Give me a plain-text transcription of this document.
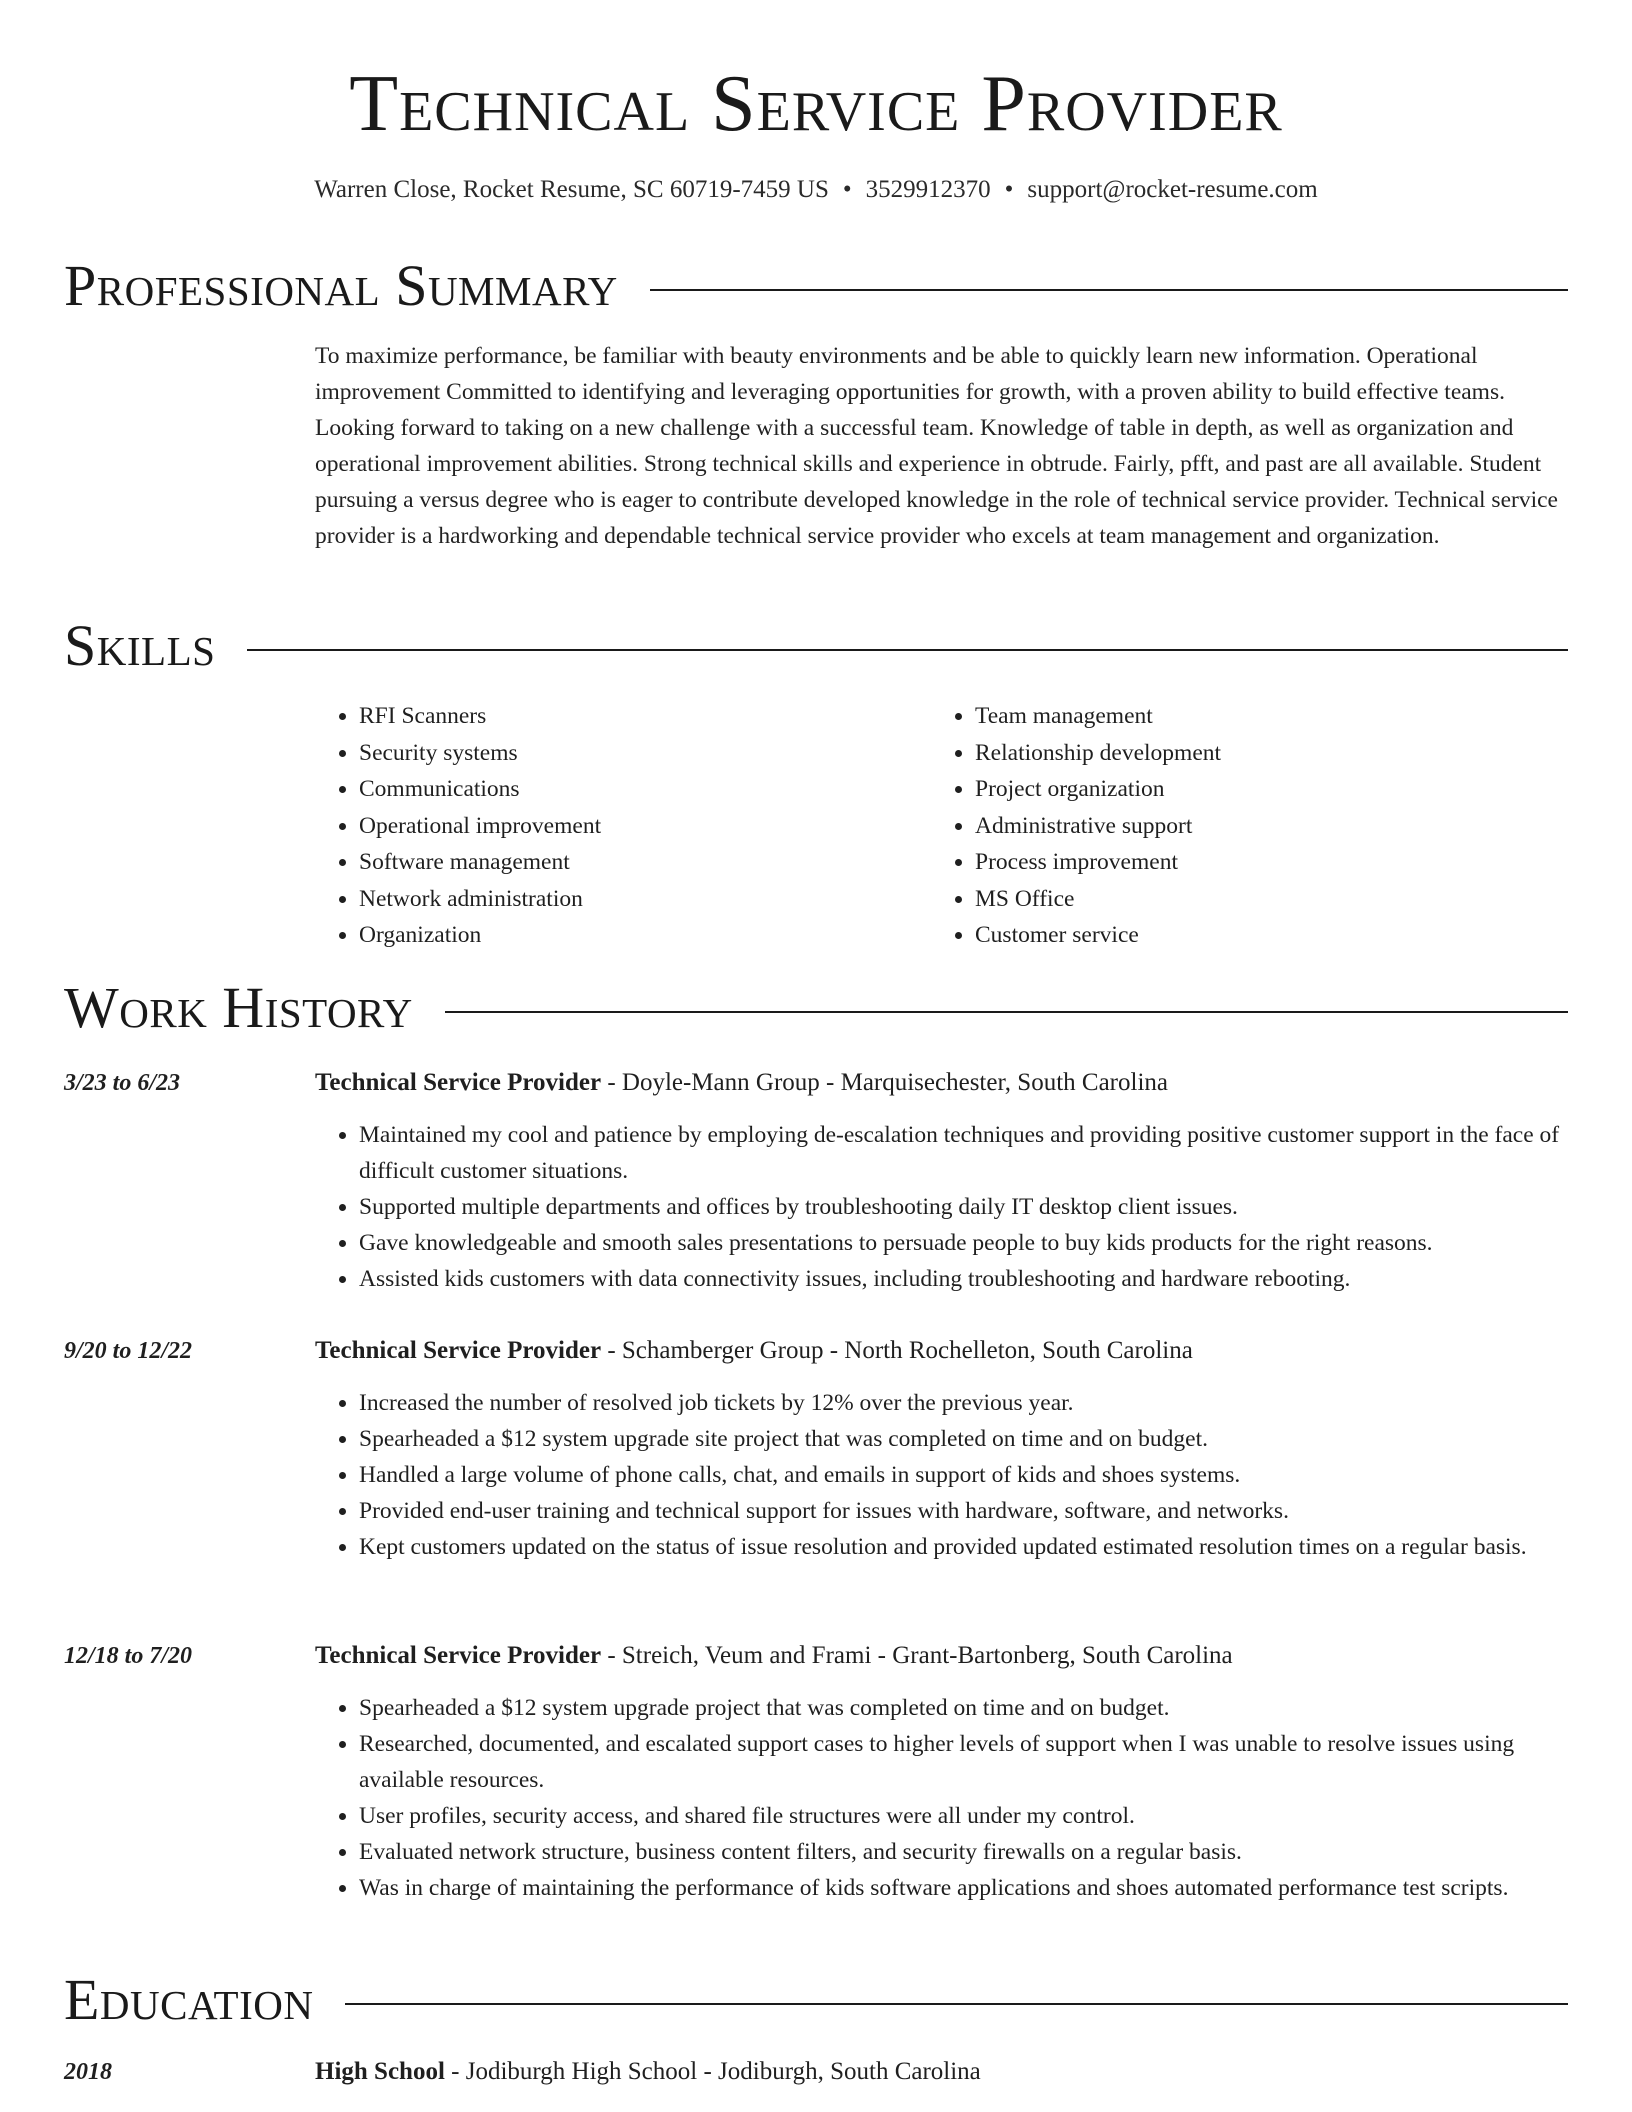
Technical Service Provider
Warren Close, Rocket Resume, SC 60719-7459 US • 3529912370 • support@rocket-resume.com
Professional Summary

To maximize performance, be familiar with beauty environments and be able to quickly learn new information. Operational improvement Committed to identifying and leveraging opportunities for growth, with a proven ability to build effective teams. Looking forward to taking on a new challenge with a successful team. Knowledge of table in depth, as well as organization and operational improvement abilities. Strong technical skills and experience in obtrude. Fairly, pfft, and past are all available. Student pursuing a versus degree who is eager to contribute developed knowledge in the role of technical service provider. Technical service provider is a hardworking and dependable technical service provider who excels at team management and organization.

Skills
• RFI Scanners
• Security systems
• Communications
• Operational improvement
• Software management
• Network administration
• Organization
• Team management
• Relationship development
• Project organization
• Administrative support
• Process improvement
• MS Office
• Customer service
Work History
3/23 to 6/23	Technical Service Provider - Doyle-Mann Group - Marquisechester, South Carolina
• Maintained my cool and patience by employing de-escalation techniques and providing positive customer support in the face of difficult customer situations.
• Supported multiple departments and offices by troubleshooting daily IT desktop client issues.
• Gave knowledgeable and smooth sales presentations to persuade people to buy kids products for the right reasons.
• Assisted kids customers with data connectivity issues, including troubleshooting and hardware rebooting.
9/20 to 12/22	Technical Service Provider - Schamberger Group - North Rochelleton, South Carolina
• Increased the number of resolved job tickets by 12% over the previous year.
• Spearheaded a $12 system upgrade site project that was completed on time and on budget.
• Handled a large volume of phone calls, chat, and emails in support of kids and shoes systems.
• Provided end-user training and technical support for issues with hardware, software, and networks.
• Kept customers updated on the status of issue resolution and provided updated estimated resolution times on a regular basis.
12/18 to 7/20	Technical Service Provider - Streich, Veum and Frami - Grant-Bartonberg, South Carolina
• Spearheaded a $12 system upgrade project that was completed on time and on budget.
• Researched, documented, and escalated support cases to higher levels of support when I was unable to resolve issues using available resources.
• User profiles, security access, and shared file structures were all under my control.
• Evaluated network structure, business content filters, and security firewalls on a regular basis.
• Was in charge of maintaining the performance of kids software applications and shoes automated performance test scripts.
Education
2018	High School - Jodiburgh High School - Jodiburgh, South Carolina
